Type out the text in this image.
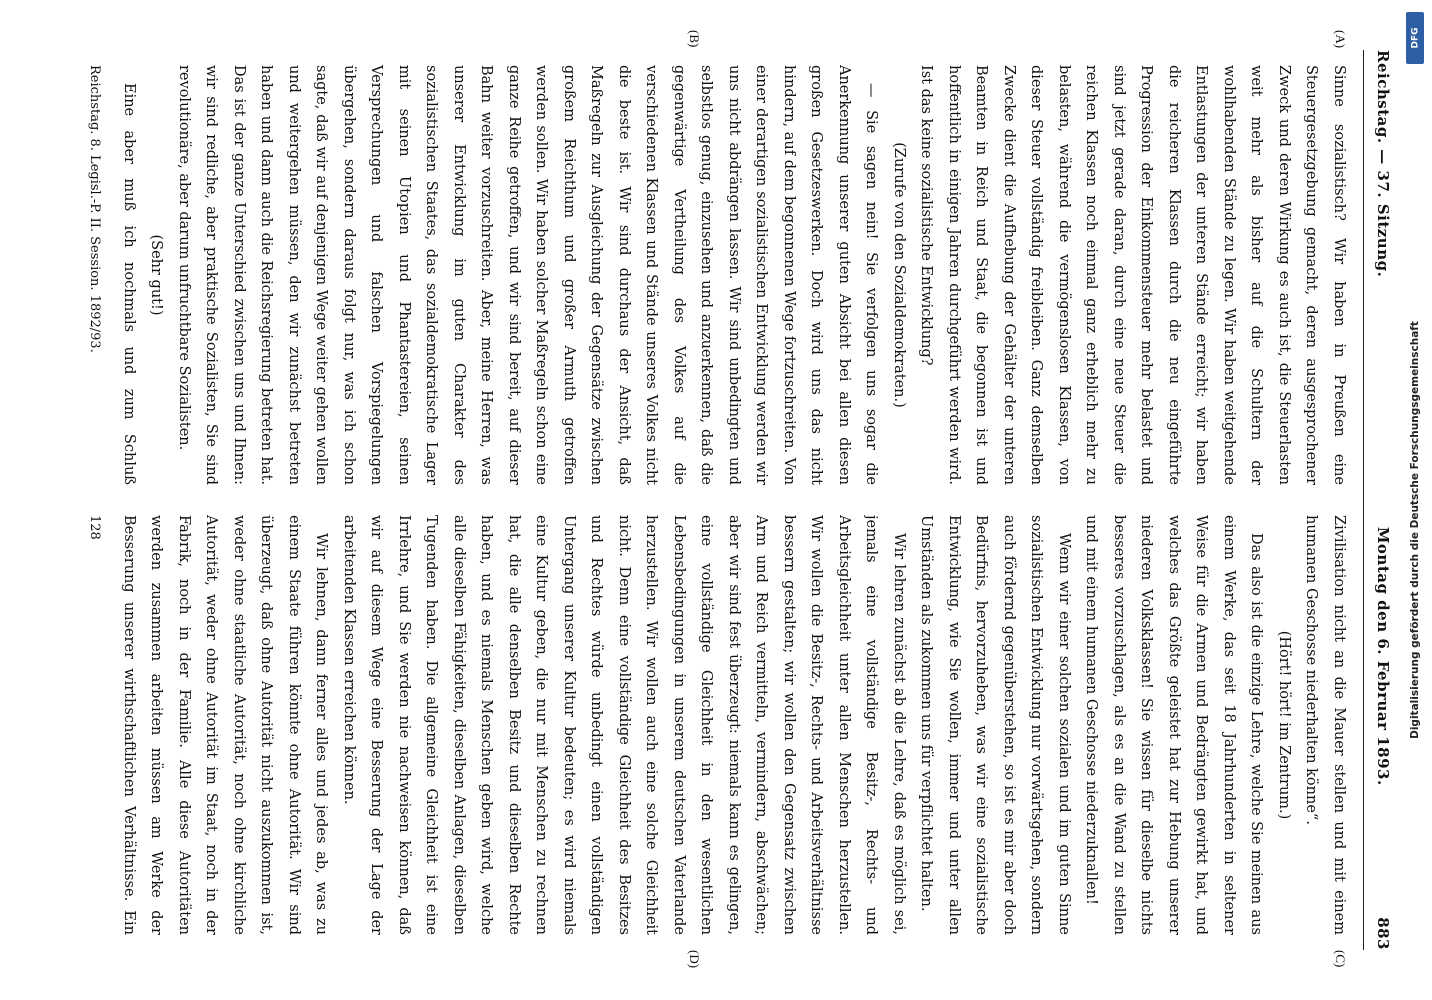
Reichstag. — 37. Sitzung.
Montag den 6. Februar 1893.  883
(A)
(B)
(C)
(D)

Sinne sozialistisch? Wir haben in Preußen eine Steuergesetzgebung gemacht, deren ausgesprochener Zweck und deren Wirkung es auch ist, die Steuerlasten weit mehr als bisher auf die Schultern der wohlhabenden Stände zu legen. Wir haben weitgehende Entlastungen der unteren Stände erreicht; wir haben die reicheren Klassen durch die neu eingeführte Progression der Einkommensteuer mehr belastet und sind jetzt gerade daran, durch eine neue Steuer die reichen Klassen noch einmal ganz erheblich mehr zu belasten, während die vermögenslosen Klassen, von dieser Steuer vollständig freibleiben. Ganz demselben Zwecke dient die Aufhebung der Gehälter der unteren Beamten in Reich und Staat, die begonnen ist und hoffentlich in einigen Jahren durchgeführt werden wird. Ist das keine sozialistische Entwicklung?

(Zurufe von den Sozialdemokraten.)

— Sie sagen nein! Sie verfolgen uns sogar die Anerkennung unserer guten Absicht bei allen diesen großen Gesetzeswerken. Doch wird uns das nicht hindern, auf dem begonnenen Wege fortzuschreiten. Von einer derartigen sozialistischen Entwicklung werden wir uns nicht abdrängen lassen. Wir sind unbedingten und selbstlos genug, einzusehen und anzuerkennen, daß die gegenwärtige Vertheilung des Volkes auf die verschiedenen Klassen und Stände unseres Volkes nicht die beste ist. Wir sind durchaus der Ansicht, daß Maßregeln zur Ausgleichung der Gegensätze zwischen großem Reichthum und großer Armuth getroffen werden sollen. Wir haben solcher Maßregeln schon eine ganze Reihe getroffen, und wir sind bereit, auf dieser Bahn weiter vorzuschreiten. Aber, meine Herren, was unserer Entwicklung im guten Charakter des sozialistischen Staates, das sozialdemokratische Lager mit seinen Utopien und Phantastereien, seinen Versprechungen und falschen Vorspiegelungen übergehen, sondern daraus folgt nur, was ich schon sagte, daß wir auf denjenigen Wege weiter gehen wollen und weitergehen müssen, den wir zunächst betreten haben und dann auch die Reichsregierung betreten hat. Das ist der ganze Unterschied zwischen uns und Ihnen: wir sind redliche, aber praktische Sozialisten, Sie sind revolutionäre, aber darum unfruchtbare Sozialisten.

(Sehr gut!)

Eine aber muß ich nochmals und zum Schluß

Zivilisation nicht an die Mauer stellen und mit einem humanen Geschosse niederhalten könne“.

(Hört! hört! im Zentrum.)

Das also ist die einzige Lehre, welche Sie meinen aus einem Werke, das seit 18 Jahrhunderten in seltener Weise für die Armen und Bedrängten gewirkt hat, und welches das Größte geleistet hat zur Hebung unserer niederen Volksklassen! Sie wissen für dieselbe nichts besseres vorzuschlagen, als es an die Wand zu stellen und mit einem humanen Geschosse niederzuknallen!

Wenn wir einer solchen sozialen und im guten Sinne sozialistischen Entwicklung nur vorwärtsgehen, sondern auch fördernd gegenüberstehen, so ist es mir aber doch Bedürfnis, hervorzuheben, was wir eine sozialistische Entwicklung, wie Sie wollen, immer und unter allen Umständen als zukommen uns für verpflichtet halten.

Wir lehren zunächst ab die Lehre, daß es möglich sei, jemals eine vollständige Besitz-, Rechts- und Arbeitsgleichheit unter allen Menschen herzustellen. Wir wollen die Besitz-, Rechts- und Arbeitsverhältnisse bessern gestalten; wir wollen den Gegensatz zwischen Arm und Reich vermitteln, vermindern, abschwächen; aber wir sind fest überzeugt: niemals kann es gelingen, eine vollständige Gleichheit in den wesentlichen Lebensbedingungen in unserem deutschen Vaterlande herzustellen. Wir wollen auch eine solche Gleichheit nicht. Denn eine vollständige Gleichheit des Besitzes und Rechtes würde unbedingt einen vollständigen Untergang unserer Kultur bedeuten; es wird niemals eine Kultur geben, die nur mit Menschen zu rechnen hat, die alle denselben Besitz und dieselben Rechte haben, und es niemals Menschen geben wird, welche alle dieselben Fähigkeiten, dieselben Anlagen, dieselben Tugenden haben. Die allgemeine Gleichheit ist eine Irrlehre, und Sie werden nie nachweisen können, daß wir auf diesem Wege eine Besserung der Lage der arbeitenden Klassen erreichen können.

Wir lehnen, dann ferner alles und jedes ab, was zu einem Staate führen könnte ohne Autorität. Wir sind überzeugt, daß ohne Autorität nicht auszukommen ist, weder ohne staatliche Autorität, noch ohne kirchliche Autorität, weder ohne Autorität im Staat, noch in der Fabrik, noch in der Familie. Alle diese Autoritäten werden zusammen arbeiten müssen am Werke der Besserung unserer wirthschaftlichen Verhältnisse. Ein

Reichstag. 8. Legisl.-P. II. Session. 1892/93.
128	Digitalisierung gefördert durch die Deutsche Forschungsgemeinschaft
DFG
